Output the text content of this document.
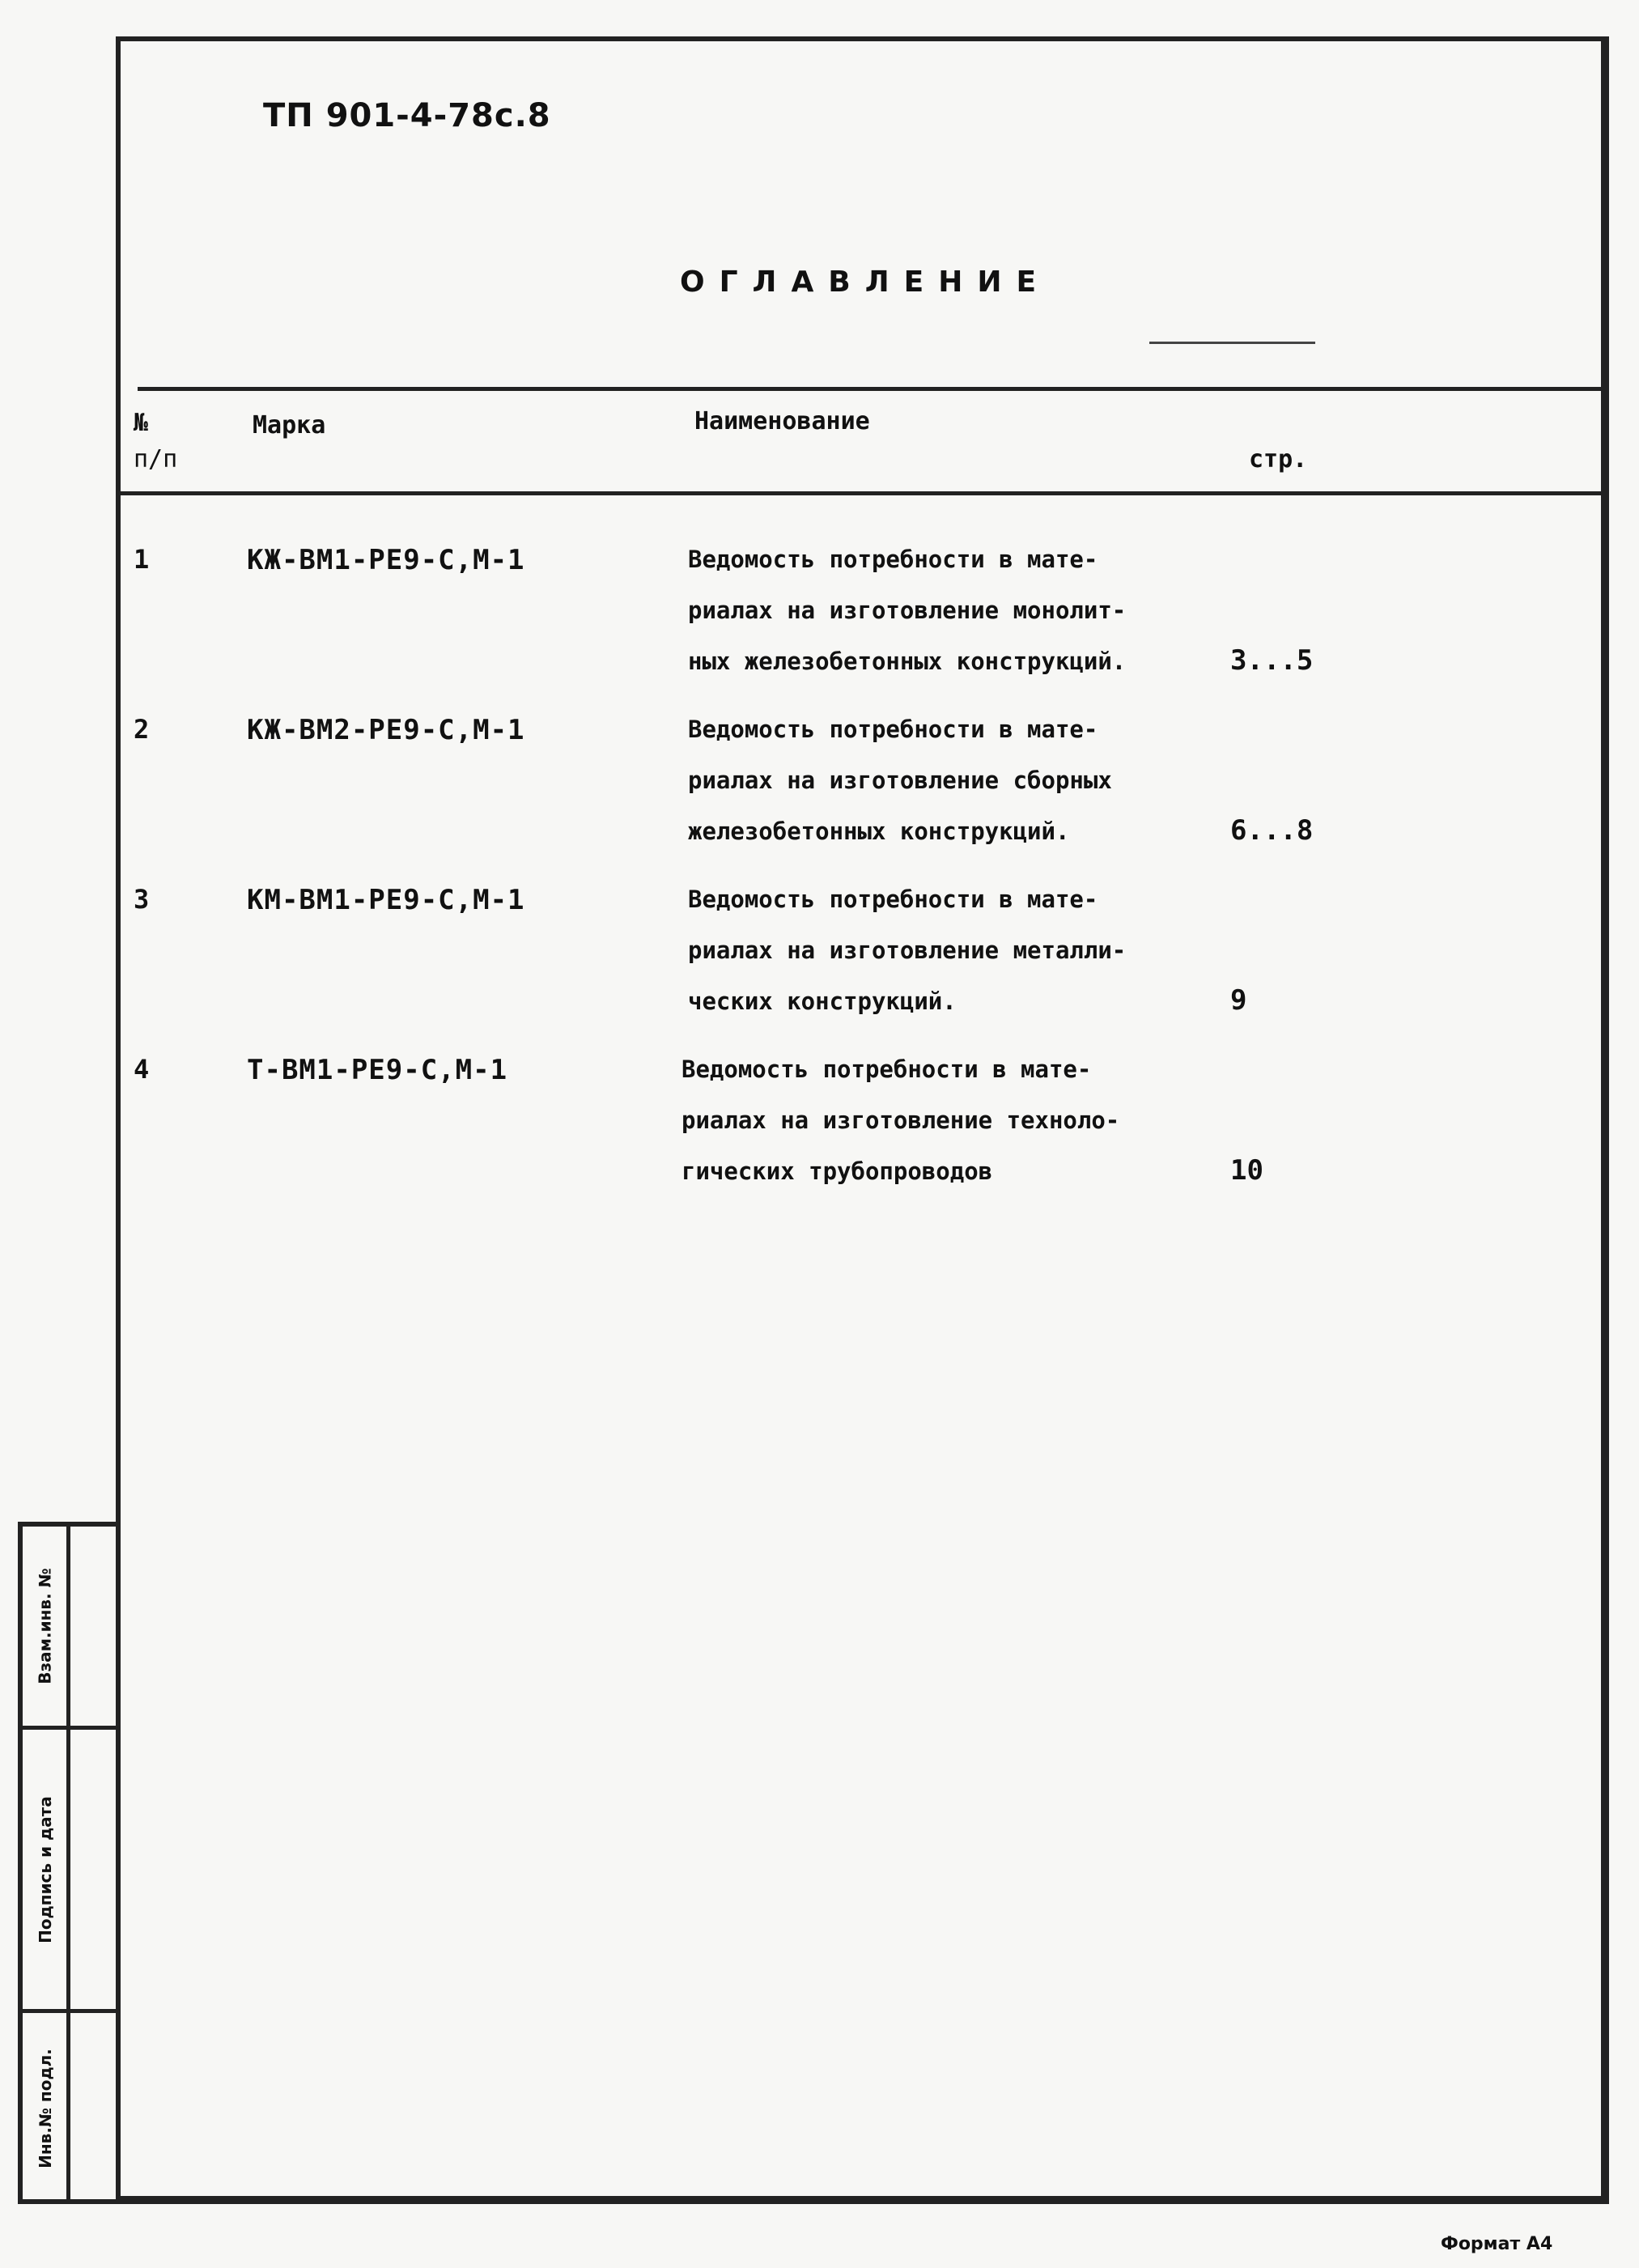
ТП 901-4-78с.8
ОГЛАВЛЕНИЕ
№
п/п
Марка	Наименование
стр.
1	КЖ-ВМ1-РЕ9-С,М-1	Ведомость потребности в мате-
риалах на изготовление монолит-
ных железобетонных конструкций.	3...5
2	КЖ-ВМ2-РЕ9-С,М-1	Ведомость потребности в мате-
риалах на изготовление сборных
железобетонных конструкций.	6...8
3	КМ-ВМ1-РЕ9-С,М-1	Ведомость потребности в мате-
риалах на изготовление металли-
ческих конструкций.	9
4	Т-ВМ1-РЕ9-С,М-1	Ведомость потребности в мате-
риалах на изготовление техноло-
гических трубопроводов	10
Взам.инв. №
Подпись и дата
Инв.№ подл.
Формат А4
